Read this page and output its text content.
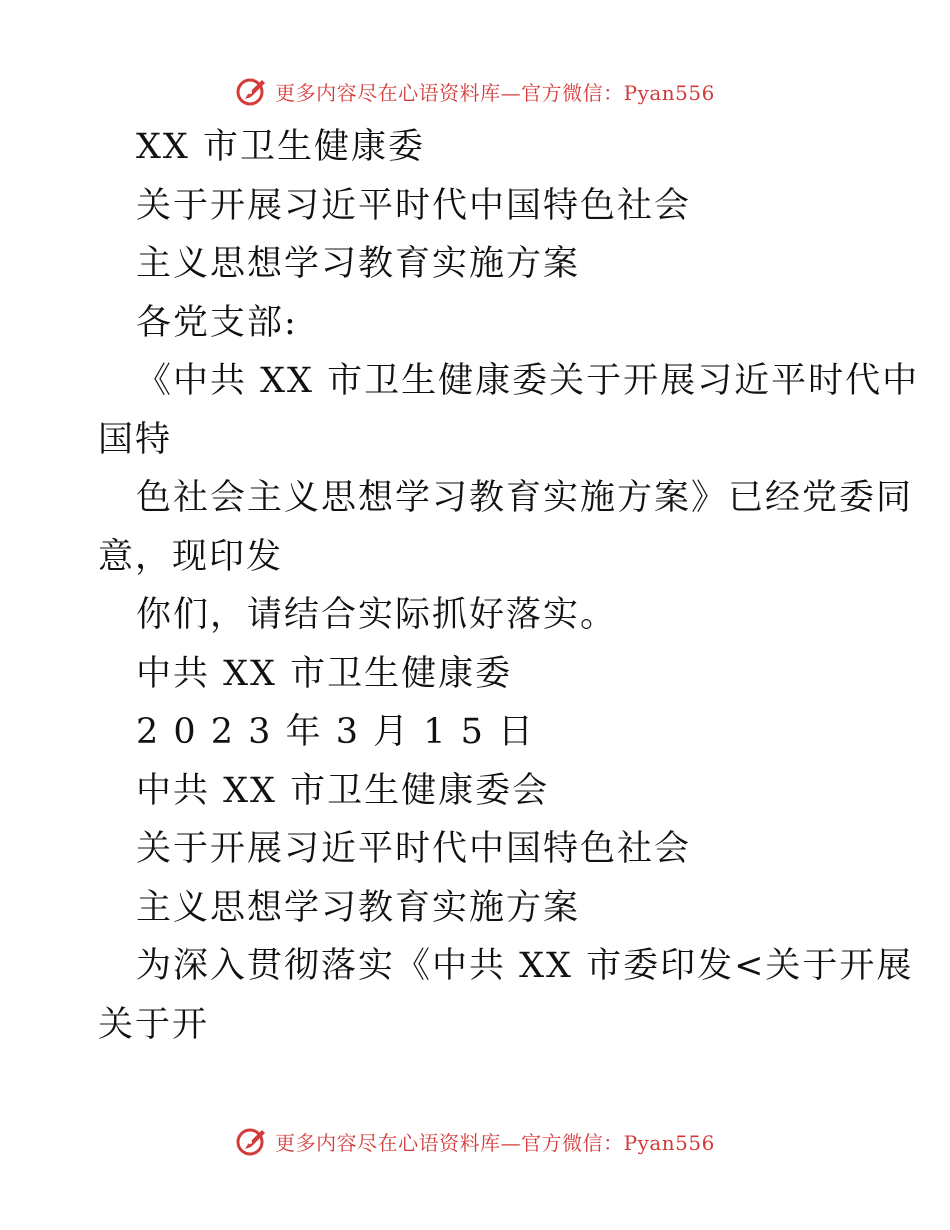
更多内容尽在心语资料库—官方微信：Pyan556
XX 市卫生健康委
关于开展习近平时代中国特色社会
主义思想学习教育实施方案
各党支部:
《中共 XX 市卫生健康委关于开展习近平时代中
国特
色社会主义思想学习教育实施方案》已经党委同
意，现印发
你们，请结合实际抓好落实。
中共 XX 市卫生健康委
2 0 2 3 年 3 月 1 5 日
中共 XX 市卫生健康委会
关于开展习近平时代中国特色社会
主义思想学习教育实施方案
为深入贯彻落实《中共 XX 市委印发<关于开展
关于开
更多内容尽在心语资料库—官方微信：Pyan556
